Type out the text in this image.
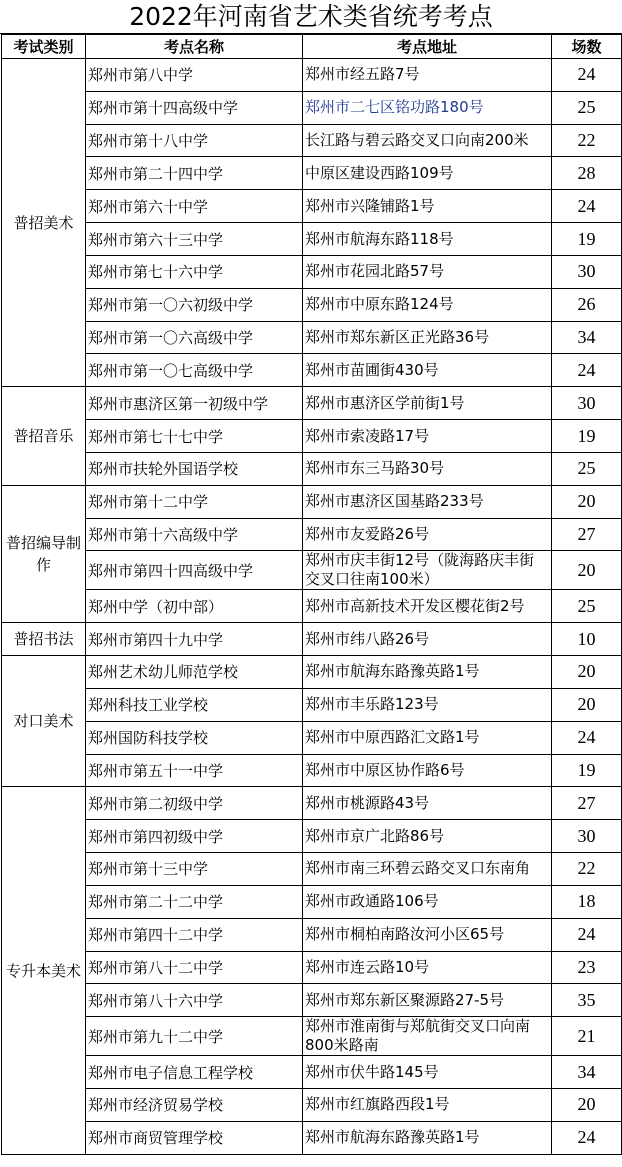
2022年河南省艺术类省统考考点
考试类别	考点名称	考点地址	场数
普招美术	郑州市第八中学	郑州市经五路7号	24
	郑州市第十四高级中学	郑州市二七区铭功路180号	25
	郑州市第十八中学	长江路与碧云路交叉口向南200米	22
	郑州市第二十四中学	中原区建设西路109号	28
	郑州市第六十中学	郑州市兴隆铺路1号	24
	郑州市第六十三中学	郑州市航海东路118号	19
	郑州市第七十六中学	郑州市花园北路57号	30
	郑州市第一〇六初级中学	郑州市中原东路124号	26
	郑州市第一〇六高级中学	郑州市郑东新区正光路36号	34
	郑州市第一〇七高级中学	郑州市苗圃街430号	24
普招音乐	郑州市惠济区第一初级中学	郑州市惠济区学前街1号	30
	郑州市第七十七中学	郑州市索凌路17号	19
	郑州市扶轮外国语学校	郑州市东三马路30号	25
普招编导制作	郑州市第十二中学	郑州市惠济区国基路233号	20
	郑州市第十六高级中学	郑州市友爱路26号	27
	郑州市第四十四高级中学	郑州市庆丰街12号（陇海路庆丰街交叉口往南100米）	20
	郑州中学（初中部）	郑州市高新技术开发区樱花街2号	25
普招书法	郑州市第四十九中学	郑州市纬八路26号	10
对口美术	郑州艺术幼儿师范学校	郑州市航海东路豫英路1号	20
	郑州科技工业学校	郑州市丰乐路123号	20
	郑州国防科技学校	郑州市中原西路汇文路1号	24
	郑州市第五十一中学	郑州市中原区协作路6号	19
专升本美术	郑州市第二初级中学	郑州市桃源路43号	27
	郑州市第四初级中学	郑州市京广北路86号	30
	郑州市第十三中学	郑州市南三环碧云路交叉口东南角	22
	郑州市第二十二中学	郑州市政通路106号	18
	郑州市第四十二中学	郑州市桐柏南路汝河小区65号	24
	郑州市第八十二中学	郑州市连云路10号	23
	郑州市第八十六中学	郑州市郑东新区聚源路27-5号	35
	郑州市第九十二中学	郑州市淮南街与郑航街交叉口向南800米路南	21
	郑州市电子信息工程学校	郑州市伏牛路145号	34
	郑州市经济贸易学校	郑州市红旗路西段1号	20
	郑州市商贸管理学校	郑州市航海东路豫英路1号	24
